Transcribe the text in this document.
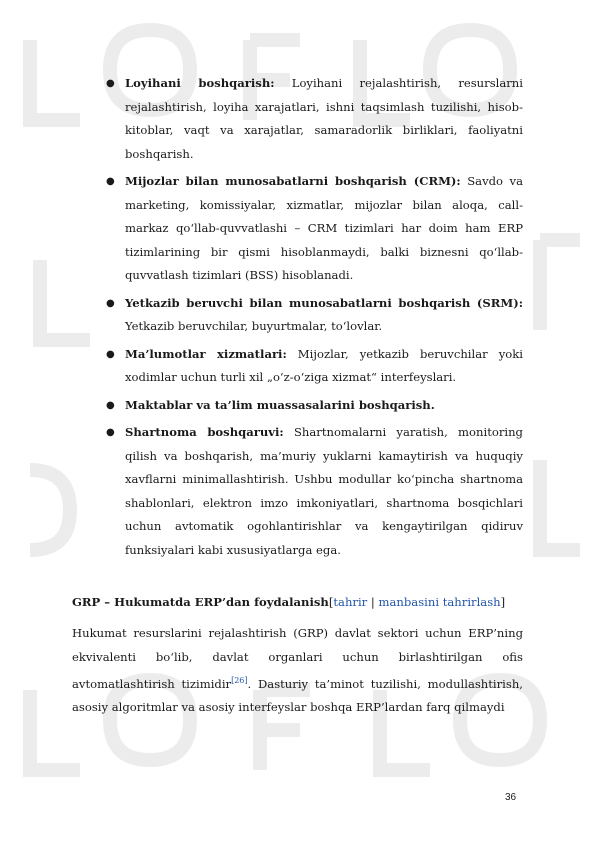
● Loyihani boshqarish: Loyihani rejalashtirish, resurslarni rejalashtirish, loyiha xarajatlari, ishni taqsimlash tuzilishi, hisob-kitoblar, vaqt va xarajatlar, samaradorlik birliklari, faoliyatni boshqarish.
● Mijozlar bilan munosabatlarni boshqarish (CRM): Savdo va marketing, komissiyalar, xizmatlar, mijozlar bilan aloqa, call-markaz qo‘llab-quvvatlashi – CRM tizimlari har doim ham ERP tizimlarining bir qismi hisoblanmaydi, balki biznesni qo‘llab-quvvatlash tizimlari (BSS) hisoblanadi.
● Yetkazib beruvchi bilan munosabatlarni boshqarish (SRM): Yetkazib beruvchilar, buyurtmalar, to‘lovlar.
● Ma’lumotlar xizmatlari: Mijozlar, yetkazib beruvchilar yoki xodimlar uchun turli xil „o‘z-o‘ziga xizmat“ interfeyslari.
● Maktablar va ta’lim muassasalarini boshqarish.
● Shartnoma boshqaruvi: Shartnomalarni yaratish, monitoring qilish va boshqarish, ma’muriy yuklarni kamaytirish va huquqiy xavflarni minimallashtirish. Ushbu modullar ko‘pincha shartnoma shablonlari, elektron imzo imkoniyatlari, shartnoma bosqichlari uchun avtomatik ogohlantirishlar va kengaytirilgan qidiruv funksiyalari kabi xususiyatlarga ega.
GRP – Hukumatda ERP’dan foydalanish[tahrir | manbasini tahrirlash]
Hukumat resurslarini rejalashtirish (GRP) davlat sektori uchun ERP’ning ekvivalenti bo‘lib, davlat organlari uchun birlashtirilgan ofis avtomatlashtirish tizimidir[26]. Dasturiy ta’minot tuzilishi, modullashtirish, asosiy algoritmlar va asosiy interfeyslar boshqa ERP’lardan farq qilmaydi
36
